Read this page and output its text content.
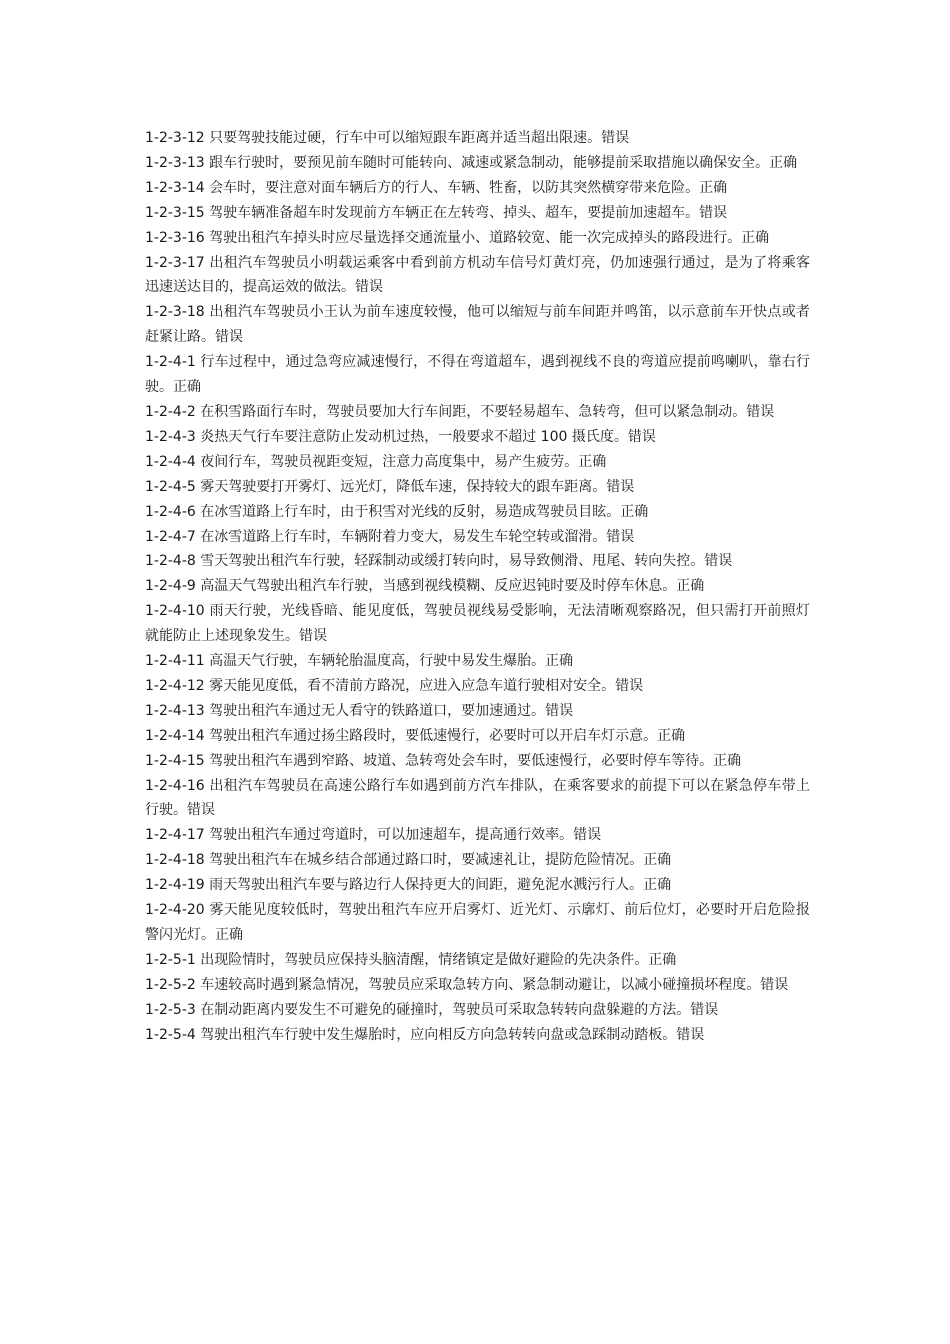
1-2-3-12 只要驾驶技能过硬，行车中可以缩短跟车距离并适当超出限速。错误

1-2-3-13 跟车行驶时，要预见前车随时可能转向、减速或紧急制动，能够提前采取措施以确保安全。正确

1-2-3-14 会车时，要注意对面车辆后方的行人、车辆、牲畜，以防其突然横穿带来危险。正确

1-2-3-15 驾驶车辆准备超车时发现前方车辆正在左转弯、掉头、超车，要提前加速超车。错误

1-2-3-16 驾驶出租汽车掉头时应尽量选择交通流量小、道路较宽、能一次完成掉头的路段进行。正确

1-2-3-17 出租汽车驾驶员小明载运乘客中看到前方机动车信号灯黄灯亮，仍加速强行通过，是为了将乘客迅速送达目的，提高运效的做法。错误

1-2-3-18 出租汽车驾驶员小王认为前车速度较慢，他可以缩短与前车间距并鸣笛，以示意前车开快点或者赶紧让路。错误

1-2-4-1 行车过程中，通过急弯应减速慢行，不得在弯道超车，遇到视线不良的弯道应提前鸣喇叭，靠右行驶。正确

1-2-4-2 在积雪路面行车时，驾驶员要加大行车间距，不要轻易超车、急转弯，但可以紧急制动。错误

1-2-4-3 炎热天气行车要注意防止发动机过热，一般要求不超过 100 摄氏度。错误

1-2-4-4 夜间行车，驾驶员视距变短，注意力高度集中，易产生疲劳。正确

1-2-4-5 雾天驾驶要打开雾灯、远光灯，降低车速，保持较大的跟车距离。错误

1-2-4-6 在冰雪道路上行车时，由于积雪对光线的反射，易造成驾驶员目眩。正确

1-2-4-7 在冰雪道路上行车时，车辆附着力变大，易发生车轮空转或溜滑。错误

1-2-4-8 雪天驾驶出租汽车行驶，轻踩制动或缓打转向时，易导致侧滑、甩尾、转向失控。错误

1-2-4-9 高温天气驾驶出租汽车行驶，当感到视线模糊、反应迟钝时要及时停车休息。正确

1-2-4-10 雨天行驶，光线昏暗、能见度低，驾驶员视线易受影响，无法清晰观察路况，但只需打开前照灯就能防止上述现象发生。错误

1-2-4-11 高温天气行驶，车辆轮胎温度高，行驶中易发生爆胎。正确

1-2-4-12 雾天能见度低，看不清前方路况，应进入应急车道行驶相对安全。错误

1-2-4-13 驾驶出租汽车通过无人看守的铁路道口，要加速通过。错误

1-2-4-14 驾驶出租汽车通过扬尘路段时，要低速慢行，必要时可以开启车灯示意。正确

1-2-4-15 驾驶出租汽车遇到窄路、坡道、急转弯处会车时，要低速慢行，必要时停车等待。正确

1-2-4-16 出租汽车驾驶员在高速公路行车如遇到前方汽车排队，在乘客要求的前提下可以在紧急停车带上行驶。错误

1-2-4-17 驾驶出租汽车通过弯道时，可以加速超车，提高通行效率。错误

1-2-4-18 驾驶出租汽车在城乡结合部通过路口时，要减速礼让，提防危险情况。正确

1-2-4-19 雨天驾驶出租汽车要与路边行人保持更大的间距，避免泥水溅污行人。正确

1-2-4-20 雾天能见度较低时，驾驶出租汽车应开启雾灯、近光灯、示廓灯、前后位灯，必要时开启危险报警闪光灯。正确

1-2-5-1 出现险情时，驾驶员应保持头脑清醒，情绪镇定是做好避险的先决条件。正确

1-2-5-2 车速较高时遇到紧急情况，驾驶员应采取急转方向、紧急制动避让，以减小碰撞损坏程度。错误

1-2-5-3 在制动距离内要发生不可避免的碰撞时，驾驶员可采取急转转向盘躲避的方法。错误

1-2-5-4 驾驶出租汽车行驶中发生爆胎时，应向相反方向急转转向盘或急踩制动踏板。错误
